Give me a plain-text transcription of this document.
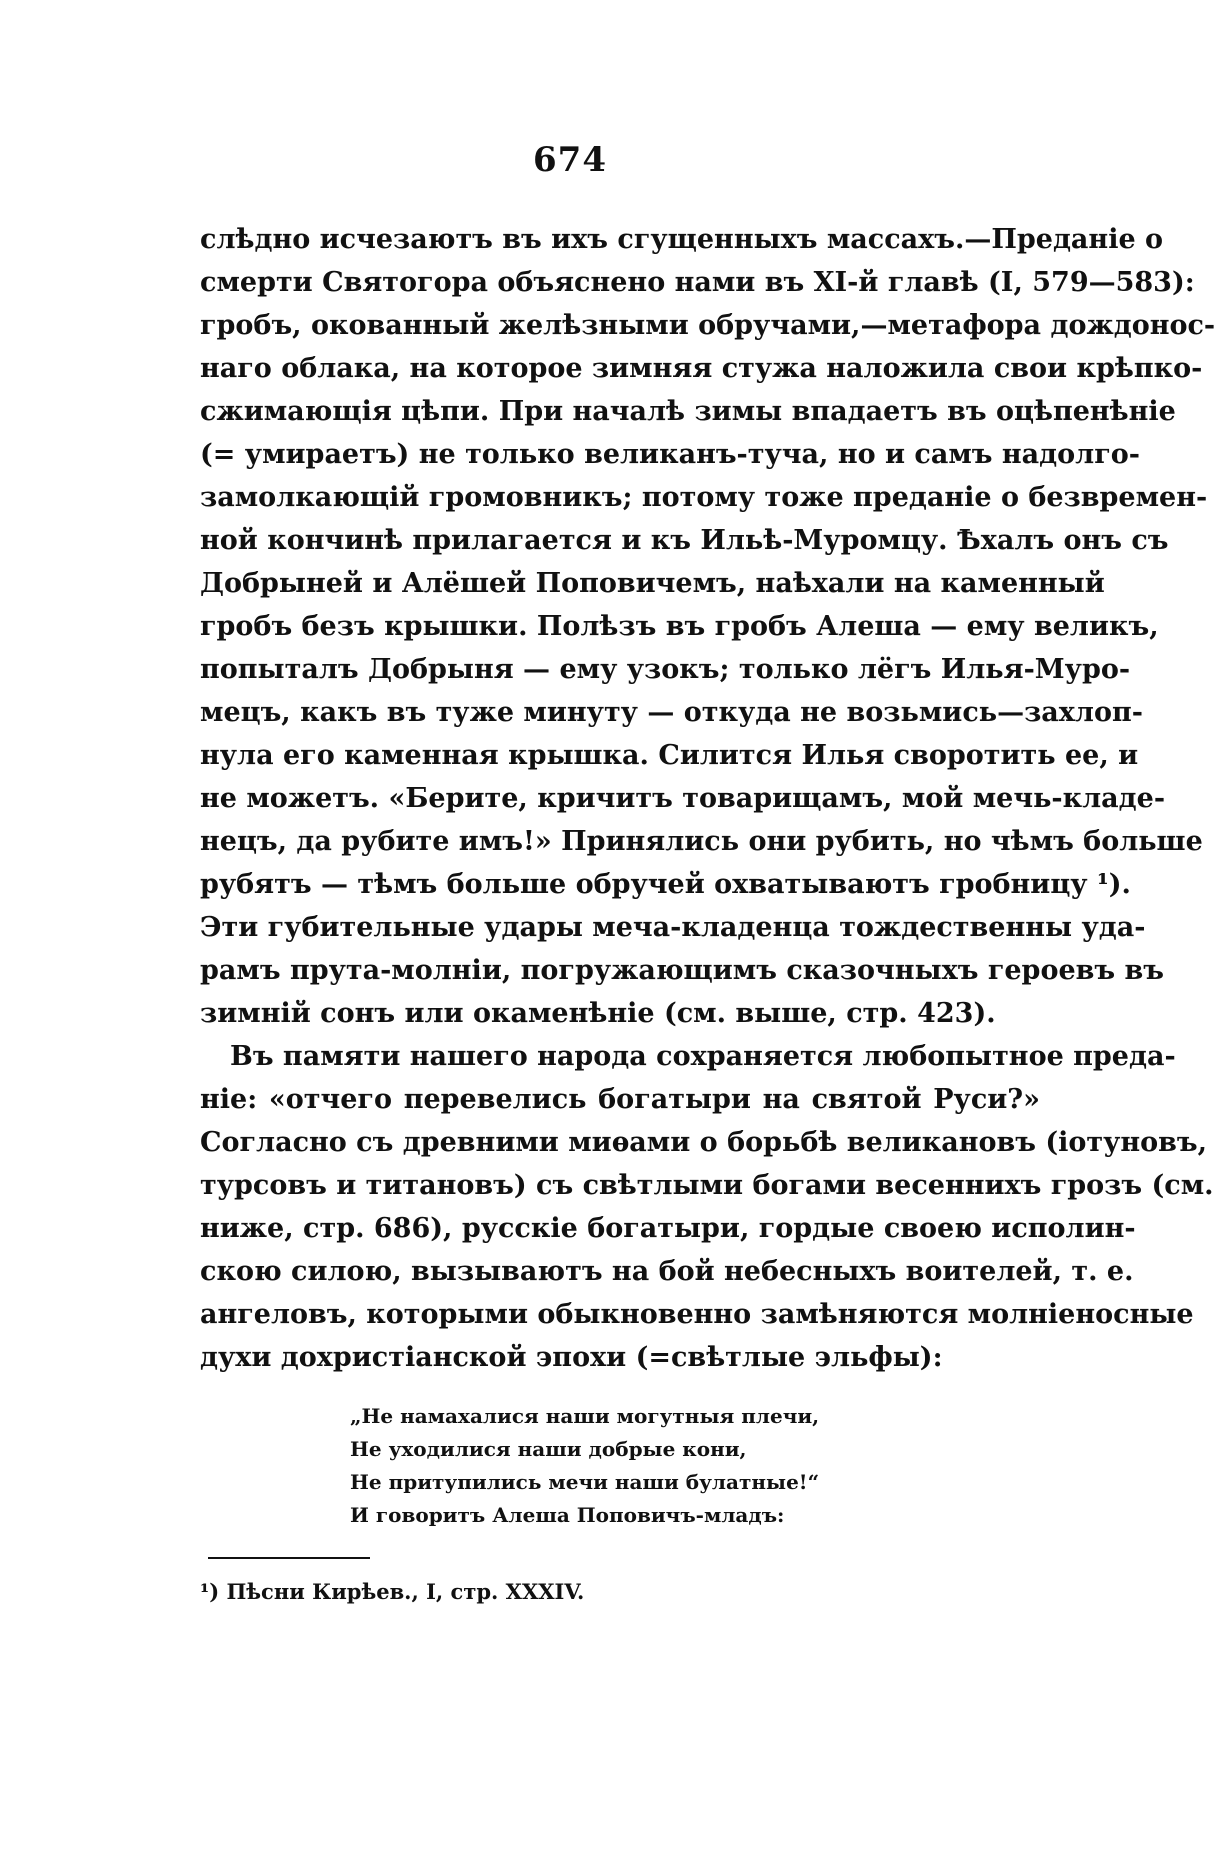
674
слѣдно исчезаютъ въ ихъ сгущенныхъ массахъ.—Преданіе о
смерти Святогора объяснено нами въ XI-й главѣ (I, 579—583):
гробъ, окованный желѣзными обручами,—метафора дождонос-
наго облака, на которое зимняя стужа наложила свои крѣпко-
сжимающія цѣпи. При началѣ зимы впадаетъ въ оцѣпенѣніе
(= умираетъ) не только великанъ-туча, но и самъ надолго-
замолкающій громовникъ; потому тоже преданіе о безвремен-
ной кончинѣ прилагается и къ Ильѣ-Муромцу. Ѣхалъ онъ съ
Добрыней и Алёшей Поповичемъ, наѣхали на каменный
гробъ безъ крышки. Полѣзъ въ гробъ Алеша — ему великъ,
попыталъ Добрыня — ему узокъ; только лёгъ Илья-Муро-
мецъ, какъ въ туже минуту — откуда не возьмись—захлоп-
нула его каменная крышка. Силится Илья своротить ее, и
не можетъ. «Берите, кричитъ товарищамъ, мой мечь-кладе-
нецъ, да рубите имъ!» Принялись они рубить, но чѣмъ больше
рубятъ — тѣмъ больше обручей охватываютъ гробницу ¹).
Эти губительные удары меча-кладенца тождественны уда-
рамъ прута-молніи, погружающимъ сказочныхъ героевъ въ
зимній сонъ или окаменѣніе (см. выше, стр. 423).
Въ памяти нашего народа сохраняется любопытное преда-
ніе: «отчего перевелись богатыри на святой Руси?»
Согласно съ древними миѳами о борьбѣ великановъ (іотуновъ,
турсовъ и титановъ) съ свѣтлыми богами весеннихъ грозъ (см.
ниже, стр. 686), русскіе богатыри, гордые своею исполин-
скою силою, вызываютъ на бой небесныхъ воителей, т. е.
ангеловъ, которыми обыкновенно замѣняются молніеносные
духи дохристіанской эпохи (=свѣтлые эльфы):
„Не намахалися наши могутныя плечи,
Не уходилися наши добрые кони,
Не притупились мечи наши булатные!“
И говоритъ Алеша Поповичъ-младъ:
¹) Пѣсни Кирѣев., I, стр. XXXIV.
